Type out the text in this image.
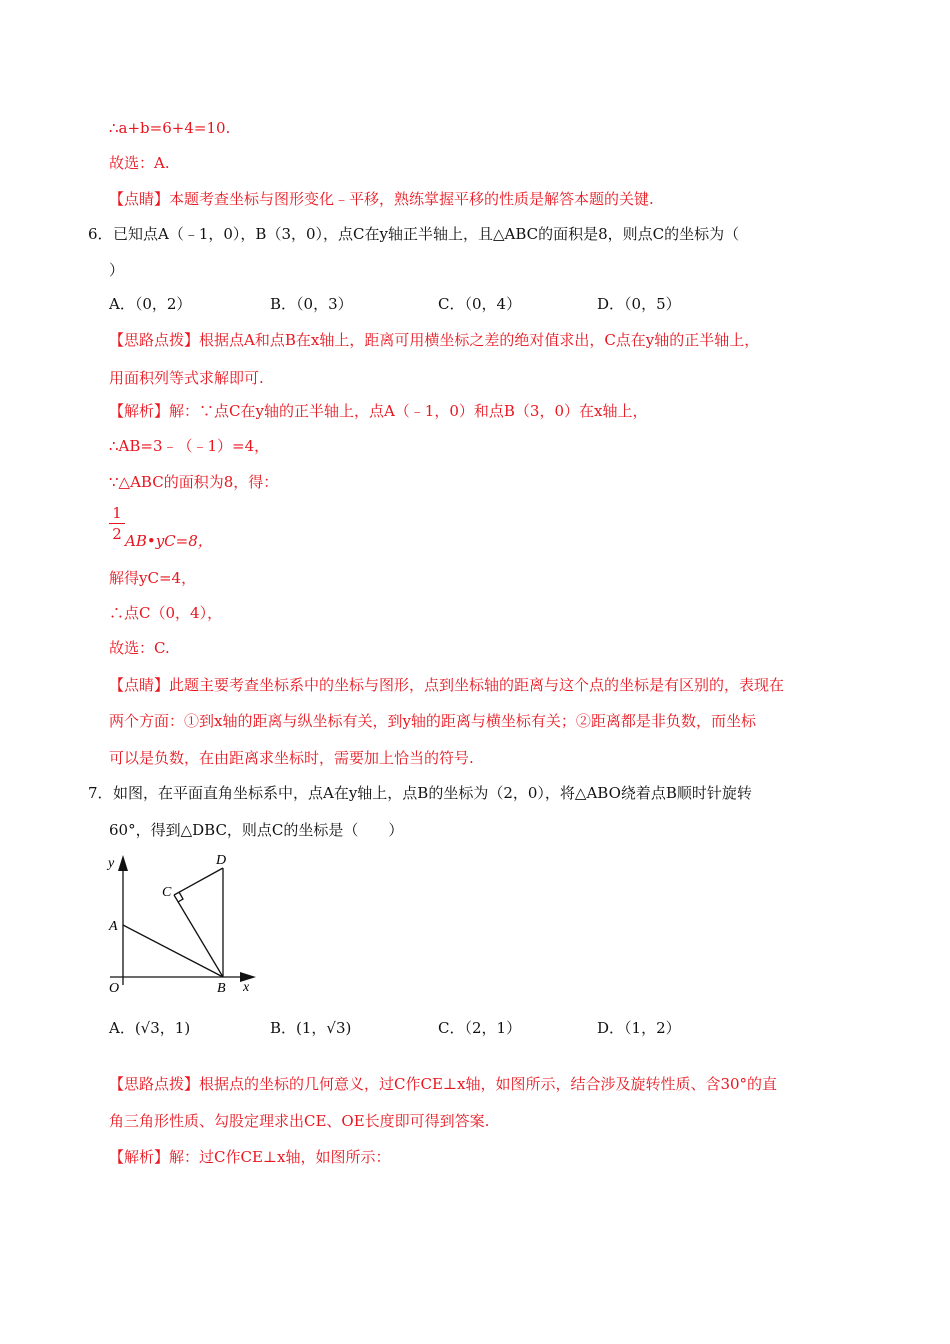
∴a+b=6+4=10.
故选：A.
【点睛】本题考查坐标与图形变化﹣平移，熟练掌握平移的性质是解答本题的关键.
6． 已知点A（﹣1，0），B（3，0），点C在y轴正半轴上，且△ABC的面积是8，则点C的坐标为（
）
A．（0，2）	B．（0，3）	C．（0，4）	D．（0，5）
【思路点拨】根据点A和点B在x轴上，距离可用横坐标之差的绝对值求出，C点在y轴的正半轴上，
用面积列等式求解即可.
【解析】解：∵点C在y轴的正半轴上，点A（﹣1，0）和点B（3，0）在x轴上，
∴AB=3﹣（﹣1）=4，
∵△ABC的面积为8，得：
1
2 AB•yC=8，
解得yC=4，
∴点C（0，4），
故选：C.
【点睛】此题主要考查坐标系中的坐标与图形，点到坐标轴的距离与这个点的坐标是有区别的，表现在
两个方面：①到x轴的距离与纵坐标有关，到y轴的距离与横坐标有关；②距离都是非负数，而坐标
可以是负数，在由距离求坐标时，需要加上恰当的符号.
7． 如图，在平面直角坐标系中，点A在y轴上，点B的坐标为（2，0），将△ABO绕着点B顺时针旋转
60°，得到△DBC，则点C的坐标是（　　）
y
x
O
A
B
C
D
A．(√3，1)	B．(1，√3)	C．（2，1）	D．（1，2）
【思路点拨】根据点的坐标的几何意义，过C作CE⊥x轴，如图所示，结合涉及旋转性质、含30°的直
角三角形性质、勾股定理求出CE、OE长度即可得到答案.
【解析】解：过C作CE⊥x轴，如图所示：
